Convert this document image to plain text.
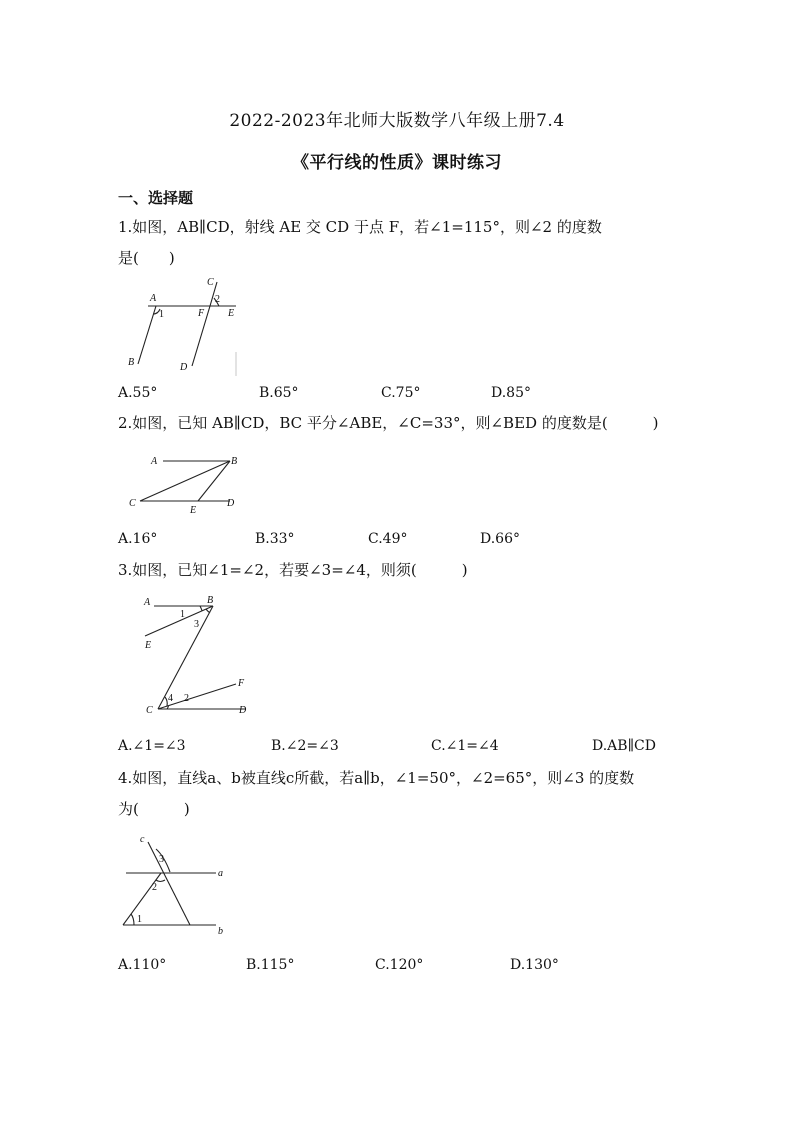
2022-2023年北师大版数学八年级上册7.4
《平行线的性质》课时练习
一、选择题
1.如图，AB∥CD，射线 AE 交 CD 于点 F，若∠1=115°，则∠2 的度数
是(　　)
A
B
C
D
E
F
1
2
A.55°	B.65°	C.75°	D.85°
2.如图，已知 AB∥CD，BC 平分∠ABE，∠C=33°，则∠BED 的度数是(　　　)
A	B
C	D
E
A.16°	B.33°	C.49°	D.66°
3.如图，已知∠1=∠2，若要∠3=∠4，则须(　　　)
A	B
C	D
E
F
1
2
3
4
A.∠1=∠3	B.∠2=∠3	C.∠1=∠4	D.AB∥CD
4.如图，直线a、b被直线c所截，若a∥b，∠1=50°，∠2=65°，则∠3 的度数
为(　　　)
c
a
b
1
2
3
A.110°	B.115°	C.120°	D.130°
